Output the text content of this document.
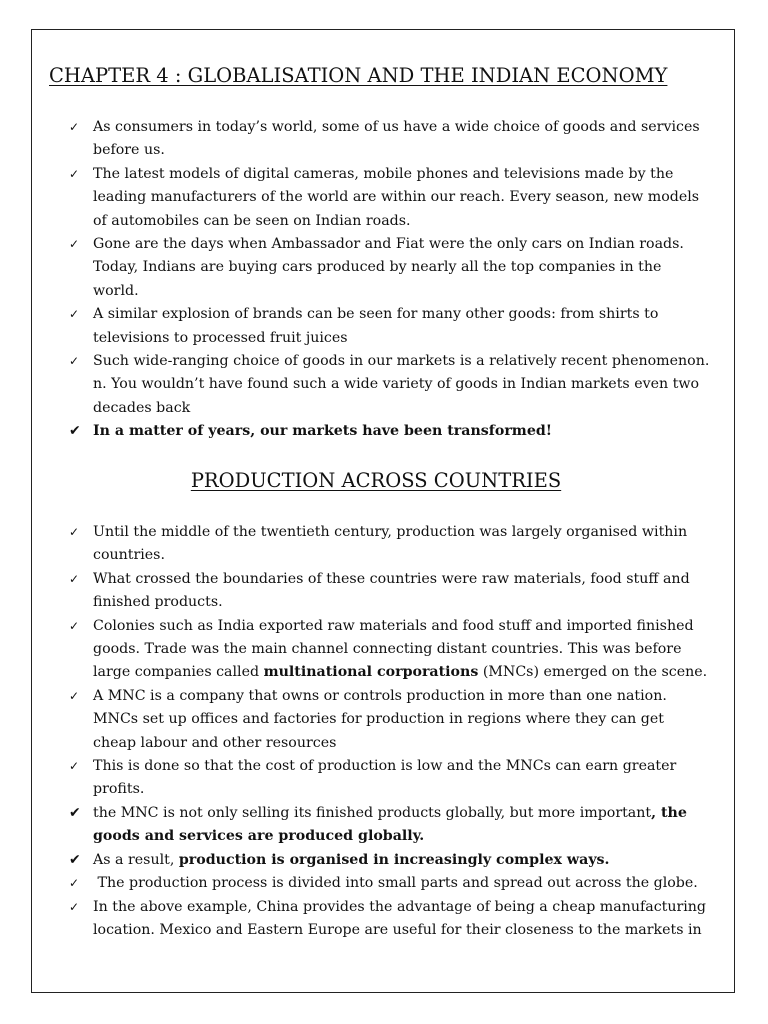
CHAPTER 4 : GLOBALISATION AND THE INDIAN ECONOMY
✓ As consumers in today’s world, some of us have a wide choice of goods and services before us.
✓ The latest models of digital cameras, mobile phones and televisions made by the leading manufacturers of the world are within our reach. Every season, new models of automobiles can be seen on Indian roads.
✓ Gone are the days when Ambassador and Fiat were the only cars on Indian roads. Today, Indians are buying cars produced by nearly all the top companies in the world.
✓ A similar explosion of brands can be seen for many other goods: from shirts to televisions to processed fruit juices
✓ Such wide-ranging choice of goods in our markets is a relatively recent phenomenon. n. You wouldn’t have found such a wide variety of goods in Indian markets even two decades back
✔ In a matter of years, our markets have been transformed!
PRODUCTION ACROSS COUNTRIES
✓ Until the middle of the twentieth century, production was largely organised within countries.
✓ What crossed the boundaries of these countries were raw materials, food stuff and finished products.
✓ Colonies such as India exported raw materials and food stuff and imported finished goods. Trade was the main channel connecting distant countries. This was before large companies called multinational corporations (MNCs) emerged on the scene.
✓ A MNC is a company that owns or controls production in more than one nation. MNCs set up offices and factories for production in regions where they can get cheap labour and other resources
✓ This is done so that the cost of production is low and the MNCs can earn greater profits.
✔ the MNC is not only selling its finished products globally, but more important, the goods and services are produced globally.
✔ As a result, production is organised in increasingly complex ways.
✓ The production process is divided into small parts and spread out across the globe.
✓ In the above example, China provides the advantage of being a cheap manufacturing location. Mexico and Eastern Europe are useful for their closeness to the markets in
